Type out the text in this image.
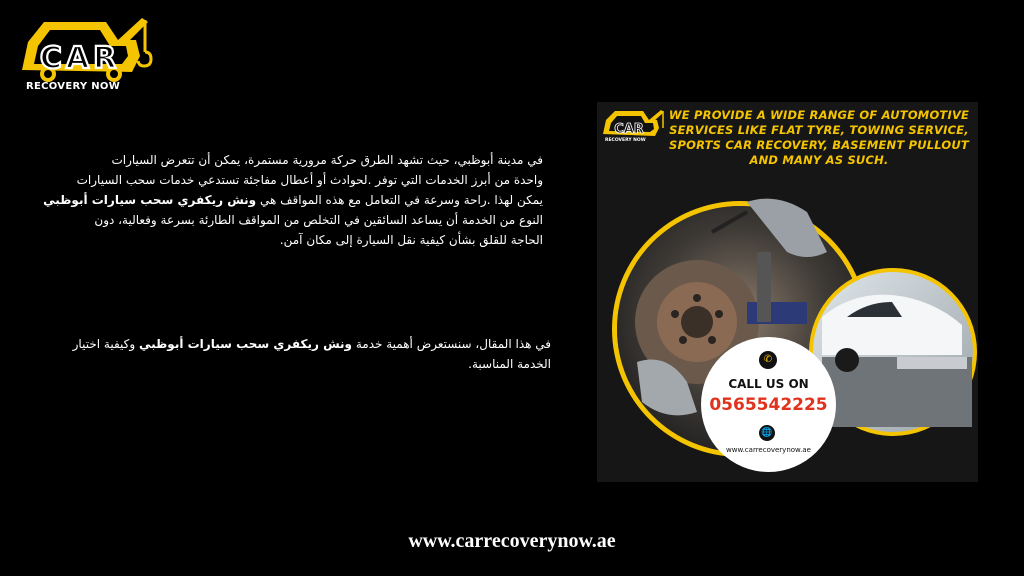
CAR
RECOVERY NOW
في مدينة أبوظبي، حيث تشهد الطرق حركة مرورية مستمرة، يمكن أن تتعرض السيارات
واحدة من أبرز الخدمات التي توفر .لحوادث أو أعطال مفاجئة تستدعي خدمات سحب السيارات
يمكن لهذا .راحة وسرعة في التعامل مع هذه المواقف هي ونش ريكفري سحب سيارات أبوظبي
النوع من الخدمة أن يساعد السائقين في التخلص من المواقف الطارئة بسرعة وفعالية، دون
الحاجة للقلق بشأن كيفية نقل السيارة إلى مكان آمن.
في هذا المقال، سنستعرض أهمية خدمة ونش ريكفري سحب سيارات أبوظبي وكيفية اختيار
الخدمة المناسبة.
CAR
WE PROVIDE A WIDE RANGE OF AUTOMOTIVE SERVICES LIKE FLAT TYRE, TOWING SERVICE, SPORTS CAR RECOVERY, BASEMENT PULLOUT AND MANY AS SUCH.
RECOVERY NOW
✆
CALL US ON
0565542225
🌐
www.carrecoverynow.ae
www.carrecoverynow.ae
